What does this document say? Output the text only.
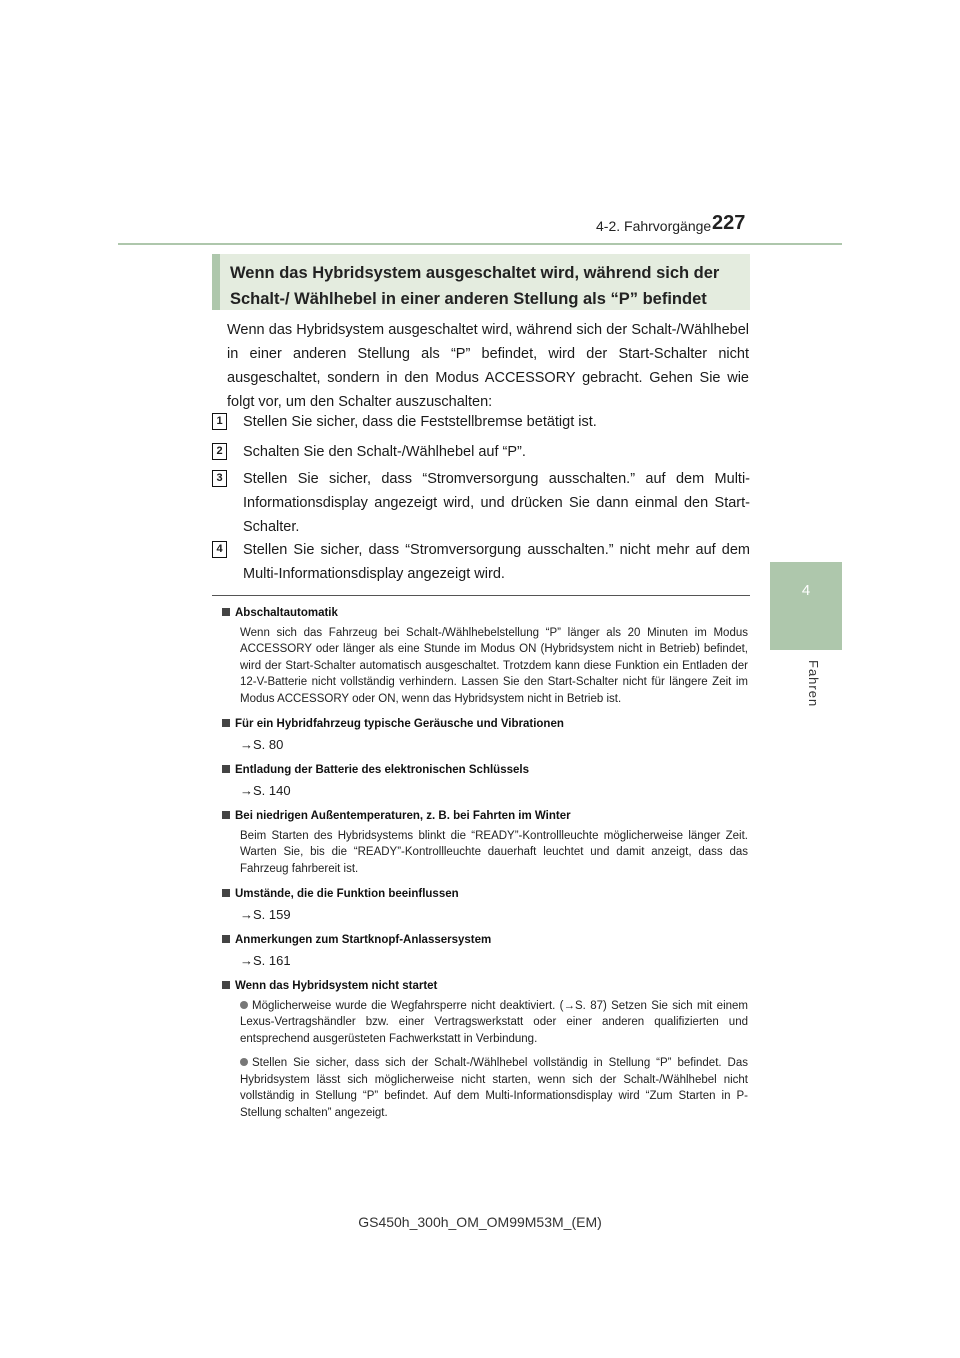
4-2. Fahrvorgänge 227
4
Fahren
Wenn das Hybridsystem ausgeschaltet wird, während sich der Schalt-/ Wählhebel in einer anderen Stellung als “P” befindet

Wenn das Hybridsystem ausgeschaltet wird, während sich der Schalt-/Wählhebel in einer anderen Stellung als “P” befindet, wird der Start-Schalter nicht ausgeschaltet, sondern in den Modus ACCESSORY gebracht. Gehen Sie wie folgt vor, um den Schalter auszuschalten:

1	Stellen Sie sicher, dass die Feststellbremse betätigt ist.
2	Schalten Sie den Schalt-/Wählhebel auf “P”.
3	Stellen Sie sicher, dass “Stromversorgung ausschalten.” auf dem Multi-Informationsdisplay angezeigt wird, und drücken Sie dann einmal den Start-Schalter.
4	Stellen Sie sicher, dass “Stromversorgung ausschalten.” nicht mehr auf dem Multi-Informationsdisplay angezeigt wird.
Abschaltautomatik
Wenn sich das Fahrzeug bei Schalt-/Wählhebelstellung “P” länger als 20 Minuten im Modus ACCESSORY oder länger als eine Stunde im Modus ON (Hybridsystem nicht in Betrieb) befindet, wird der Start-Schalter automatisch ausgeschaltet. Trotzdem kann diese Funktion ein Entladen der 12-V-Batterie nicht vollständig verhindern. Lassen Sie den Start-Schalter nicht für längere Zeit im Modus ACCESSORY oder ON, wenn das Hybridsystem nicht in Betrieb ist.
Für ein Hybridfahrzeug typische Geräusche und Vibrationen
→S. 80
Entladung der Batterie des elektronischen Schlüssels
→S. 140
Bei niedrigen Außentemperaturen, z. B. bei Fahrten im Winter
Beim Starten des Hybridsystems blinkt die “READY”-Kontrollleuchte möglicherweise länger Zeit. Warten Sie, bis die “READY”-Kontrollleuchte dauerhaft leuchtet und damit anzeigt, dass das Fahrzeug fahrbereit ist.
Umstände, die die Funktion beeinflussen
→S. 159
Anmerkungen zum Startknopf-Anlassersystem
→S. 161
Wenn das Hybridsystem nicht startet
Möglicherweise wurde die Wegfahrsperre nicht deaktiviert. (→S. 87) Setzen Sie sich mit einem Lexus-Vertragshändler bzw. einer Vertragswerkstatt oder einer anderen qualifizierten und entsprechend ausgerüsteten Fachwerkstatt in Verbindung.
Stellen Sie sicher, dass sich der Schalt-/Wählhebel vollständig in Stellung “P” befindet. Das Hybridsystem lässt sich möglicherweise nicht starten, wenn sich der Schalt-/Wählhebel nicht vollständig in Stellung “P” befindet. Auf dem Multi-Informationsdisplay wird “Zum Starten in P-Stellung schalten” angezeigt.
GS450h_300h_OM_OM99M53M_(EM)
